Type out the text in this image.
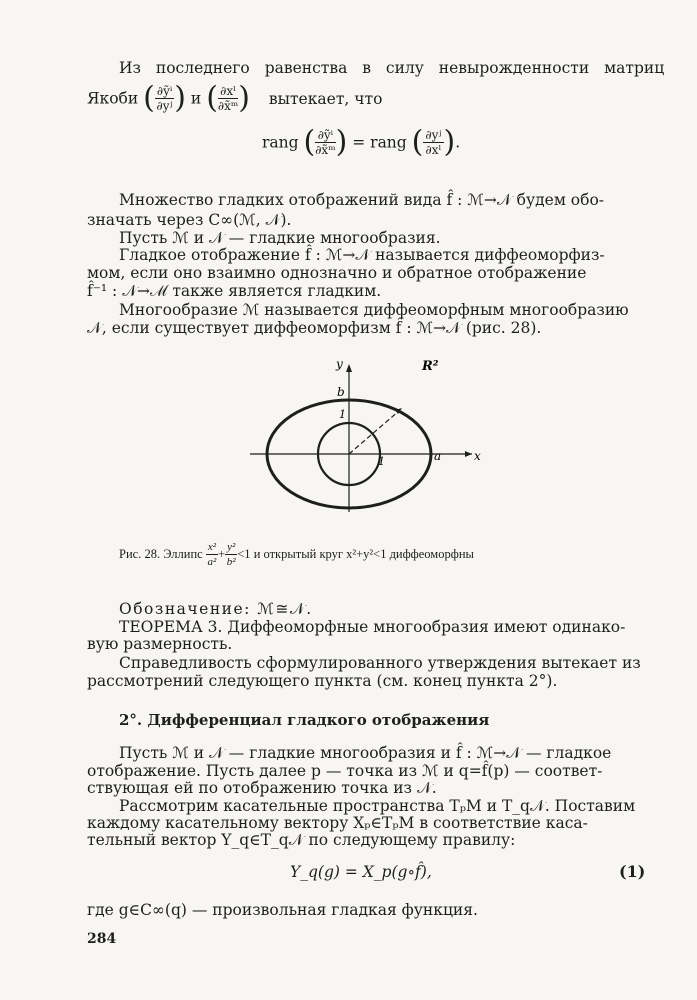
Из последнего равенства в силу невырожденности матриц
Якоби ( $\frac{\text{∂ỹⁱ}}{\text{∂yʲ}}$ ) и ( $\frac{\text{∂xˡ}}{\text{∂x̃ᵐ}}$ ) вытекает, что
rang ( $\frac{\text{∂ỹⁱ}}{\text{∂x̃ᵐ}}$ ) = rang ( $\frac{\text{∂yʲ}}{\text{∂xˡ}}$ ).
Множество гладких отображений вида f̂ : ℳ→𝒩 будем обо-
значать через C∞(ℳ, 𝒩).
Пусть ℳ и 𝒩 — гладкие многообразия.
Гладкое отображение f̂ : ℳ→𝒩 называется диффеоморфиз-
мом, если оно взаимно однозначно и обратное отображение
f̂⁻¹ : 𝒩→ℳ также является гладким.
Многообразие ℳ называется диффеоморфным многообразию
𝒩, если существует диффеоморфизм f̂ : ℳ→𝒩 (рис. 28).
R²
y
x
b
a
1
1
Рис. 28. Эллипс $\frac{\text{x²}}{\text{a²}} + \frac{\text{y²}}{\text{b²}} <1$ и открытый круг x²+y²<1 диффеоморфны
Обозначение: ℳ≅𝒩.
ТЕОРЕМА 3. Диффеоморфные многообразия имеют одинако-
вую размерность.
Справедливость сформулированного утверждения вытекает из
рассмотрений следующего пункта (см. конец пункта 2°).
2°. Дифференциал гладкого отображения
Пусть ℳ и 𝒩 — гладкие многообразия и f̂ : ℳ→𝒩 — гладкое
отображение. Пусть далее p — точка из ℳ и q=f̂(p) — соответ-
ствующая ей по отображению точка из 𝒩.
Рассмотрим касательные пространства TₚM и T_q𝒩. Поставим
каждому касательному вектору Xₚ∈TₚM в соответствие каса-
тельный вектор Y_q∈T_q𝒩 по следующему правилу:
Y_q(g) = X_p(g∘f̂),	(1)
где g∈C∞(q) — произвольная гладкая функция.
284
